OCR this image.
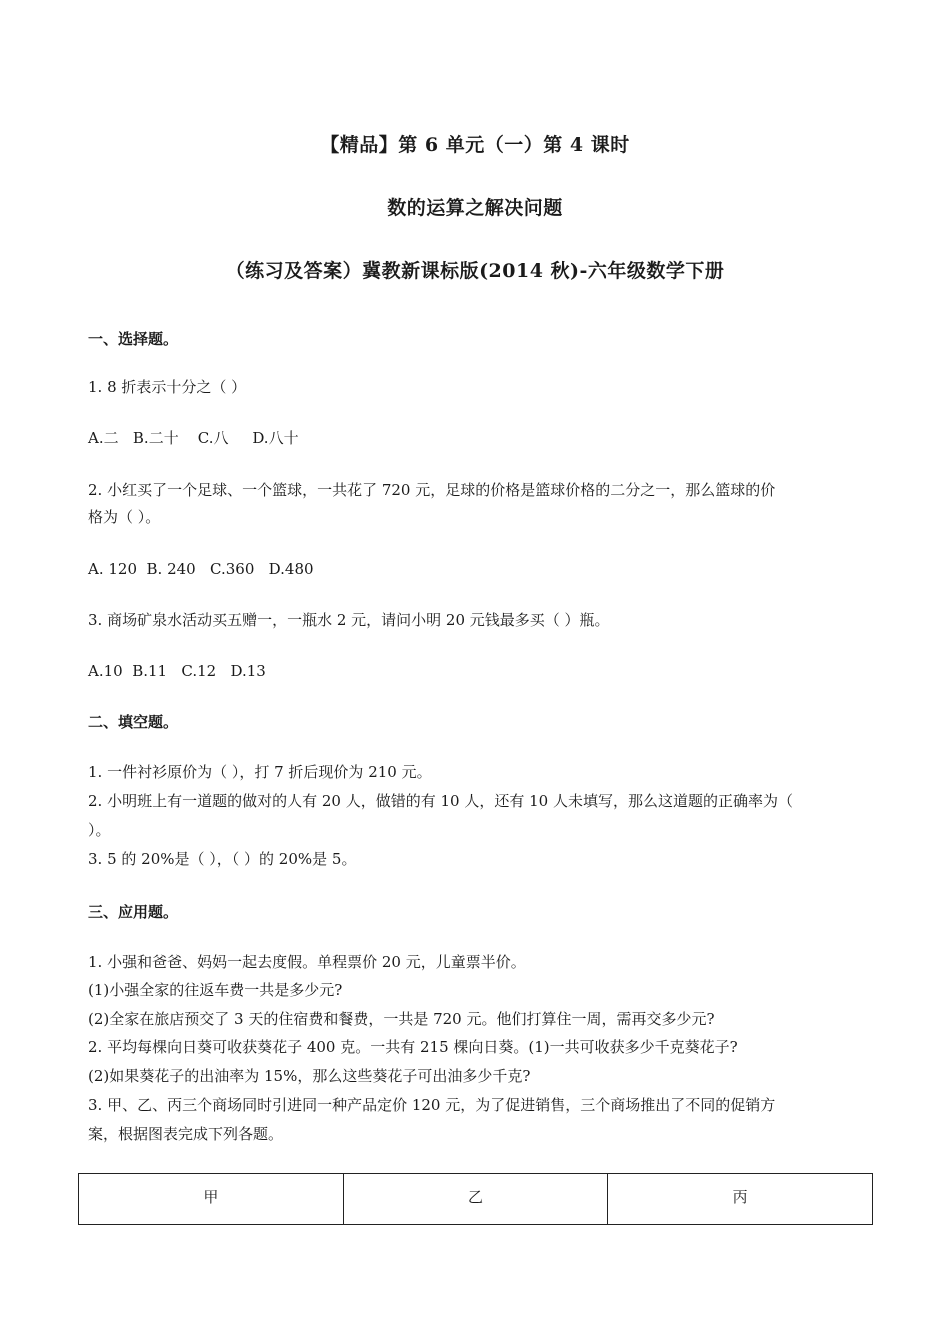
【精品】第 6 单元（一）第 4 课时
数的运算之解决问题
（练习及答案）冀教新课标版(2014 秋)-六年级数学下册
一、选择题。
1. 8 折表示十分之（ ）
A.二   B.二十    C.八     D.八十
2. 小红买了一个足球、一个篮球，一共花了 720 元，足球的价格是篮球价格的二分之一，那么篮球的价
格为（ ）。
A. 120  B. 240   C.360   D.480
3. 商场矿泉水活动买五赠一，一瓶水 2 元，请问小明 20 元钱最多买（ ）瓶。
A.10  B.11   C.12   D.13
二、填空题。
1. 一件衬衫原价为（ ），打 7 折后现价为 210 元。
2. 小明班上有一道题的做对的人有 20 人，做错的有 10 人，还有 10 人未填写，那么这道题的正确率为（
）。
3. 5 的 20%是（ ），（ ）的 20%是 5。
三、应用题。
1. 小强和爸爸、妈妈一起去度假。单程票价 20 元，儿童票半价。
(1)小强全家的往返车费一共是多少元?
(2)全家在旅店预交了 3 天的住宿费和餐费，一共是 720 元。他们打算住一周，需再交多少元?
2. 平均每棵向日葵可收获葵花子 400 克。一共有 215 棵向日葵。(1)一共可收获多少千克葵花子?
(2)如果葵花子的出油率为 15%，那么这些葵花子可出油多少千克?
3. 甲、乙、丙三个商场同时引进同一种产品定价 120 元，为了促进销售，三个商场推出了不同的促销方
案，根据图表完成下列各题。
甲	乙	丙
